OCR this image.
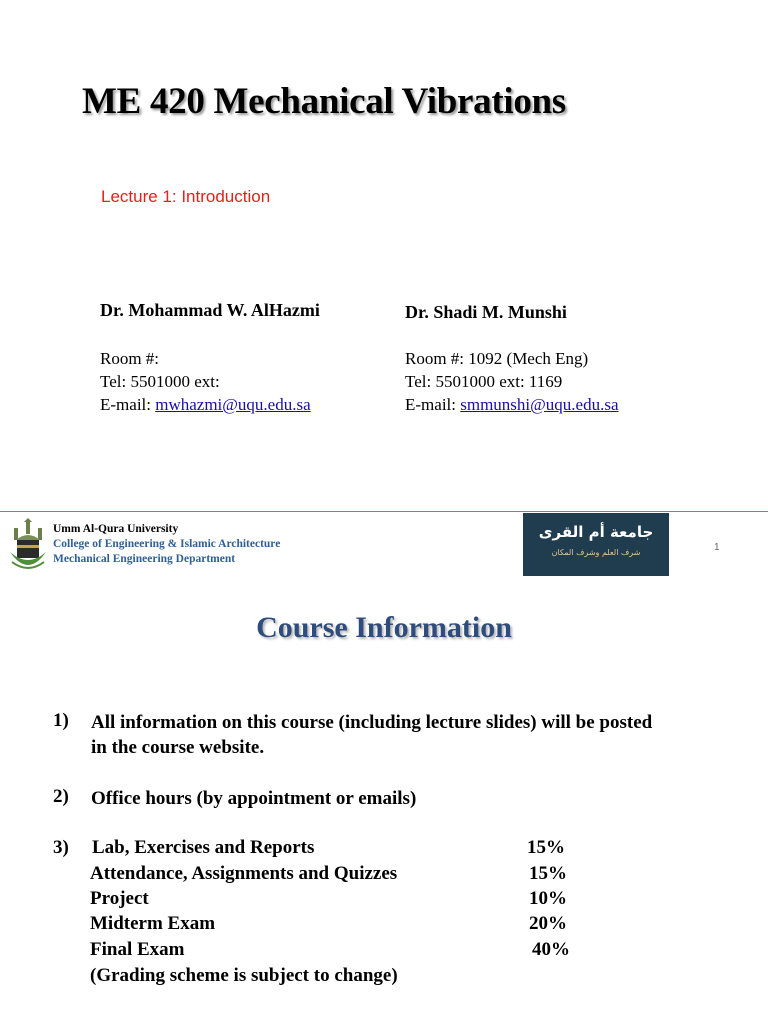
ME 420 Mechanical Vibrations
Lecture 1: Introduction
Dr. Mohammad W. AlHazmi
Room #:
Tel: 5501000 ext:
E-mail: mwhazmi@uqu.edu.sa
Dr. Shadi M. Munshi
Room #: 1092 (Mech Eng)
Tel: 5501000 ext: 1169
E-mail: smmunshi@uqu.edu.sa
Umm Al-Qura University
College of Engineering & Islamic Architecture
Mechanical Engineering Department
جامعة أم القرى
شرف العلم وشرف المكان	1
Course Information
1) All information on this course (including lecture slides) will be posted
in the course website.
2) Office hours (by appointment or emails)
3) Lab, Exercises and Reports	15%
Attendance, Assignments and Quizzes	15%
Project	10%
Midterm Exam	20%
Final Exam	40%
(Grading scheme is subject to change)
